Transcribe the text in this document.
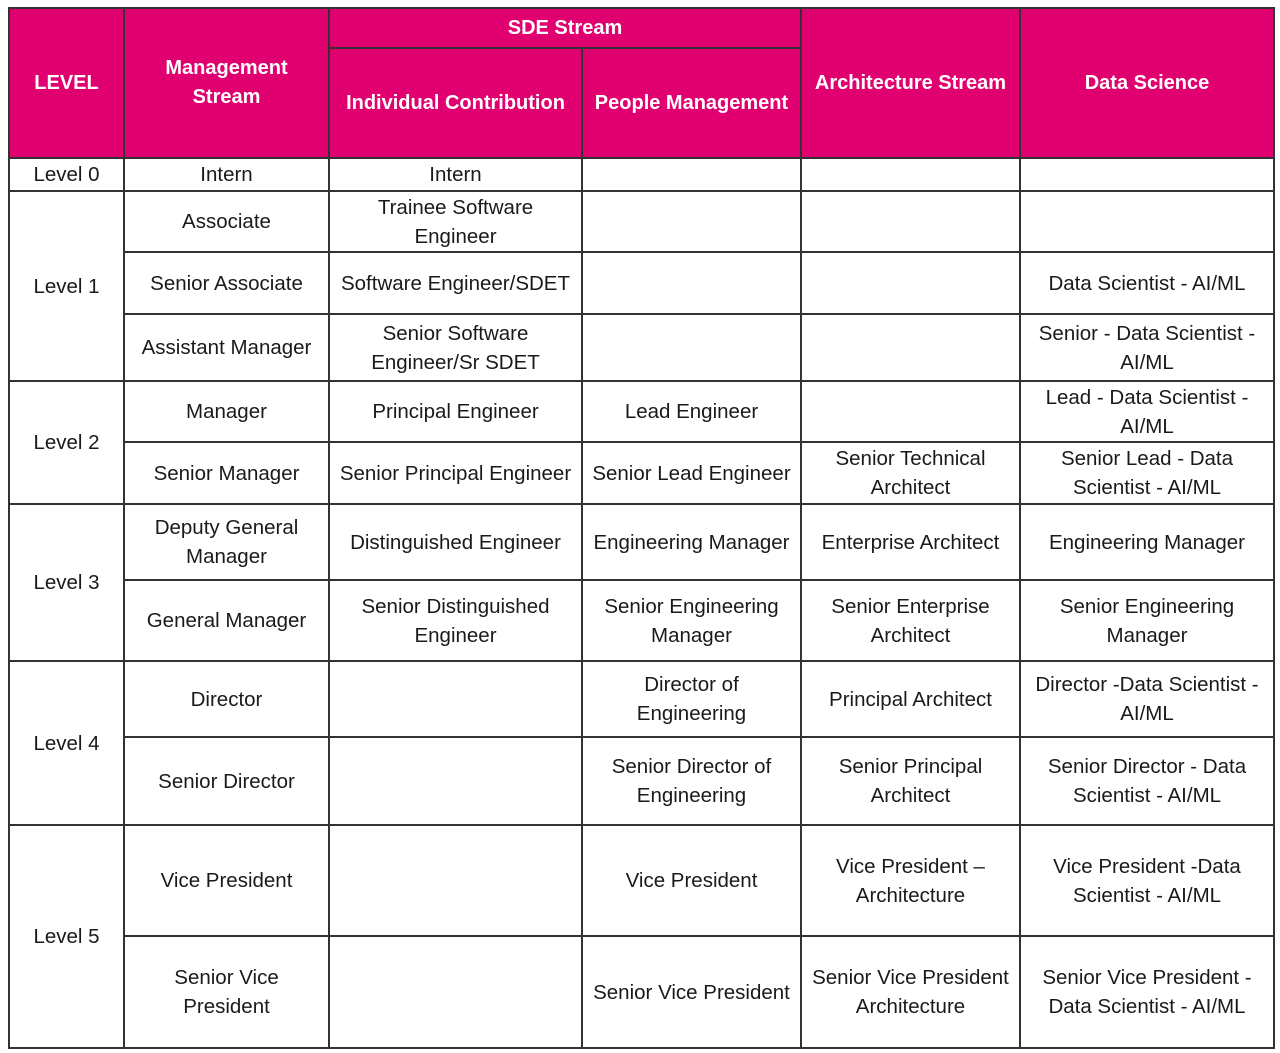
LEVEL	Management Stream	SDE Stream		Architecture Stream	Data Science
		Individual Contribution	People Management		
Level 0	Intern	Intern			
Level 1	Associate	Trainee Software Engineer			
	Senior Associate	Software Engineer/SDET			Data Scientist - AI/ML
	Assistant Manager	Senior Software Engineer/Sr SDET			Senior - Data Scientist - AI/ML
Level 2	Manager	Principal Engineer	Lead Engineer		Lead - Data Scientist - AI/ML
	Senior Manager	Senior Principal Engineer	Senior Lead Engineer	Senior Technical Architect	Senior Lead - Data Scientist - AI/ML
Level 3	Deputy General Manager	Distinguished Engineer	Engineering Manager	Enterprise Architect	Engineering Manager
	General Manager	Senior Distinguished Engineer	Senior Engineering Manager	Senior Enterprise Architect	Senior Engineering Manager
Level 4	Director		Director of Engineering	Principal Architect	Director -Data Scientist - AI/ML
	Senior Director		Senior Director of Engineering	Senior Principal Architect	Senior Director - Data Scientist - AI/ML
Level 5	Vice President		Vice President	Vice President – Architecture	Vice President -Data Scientist - AI/ML
	Senior Vice President		Senior Vice President	Senior Vice President Architecture	Senior Vice President - Data Scientist - AI/ML
